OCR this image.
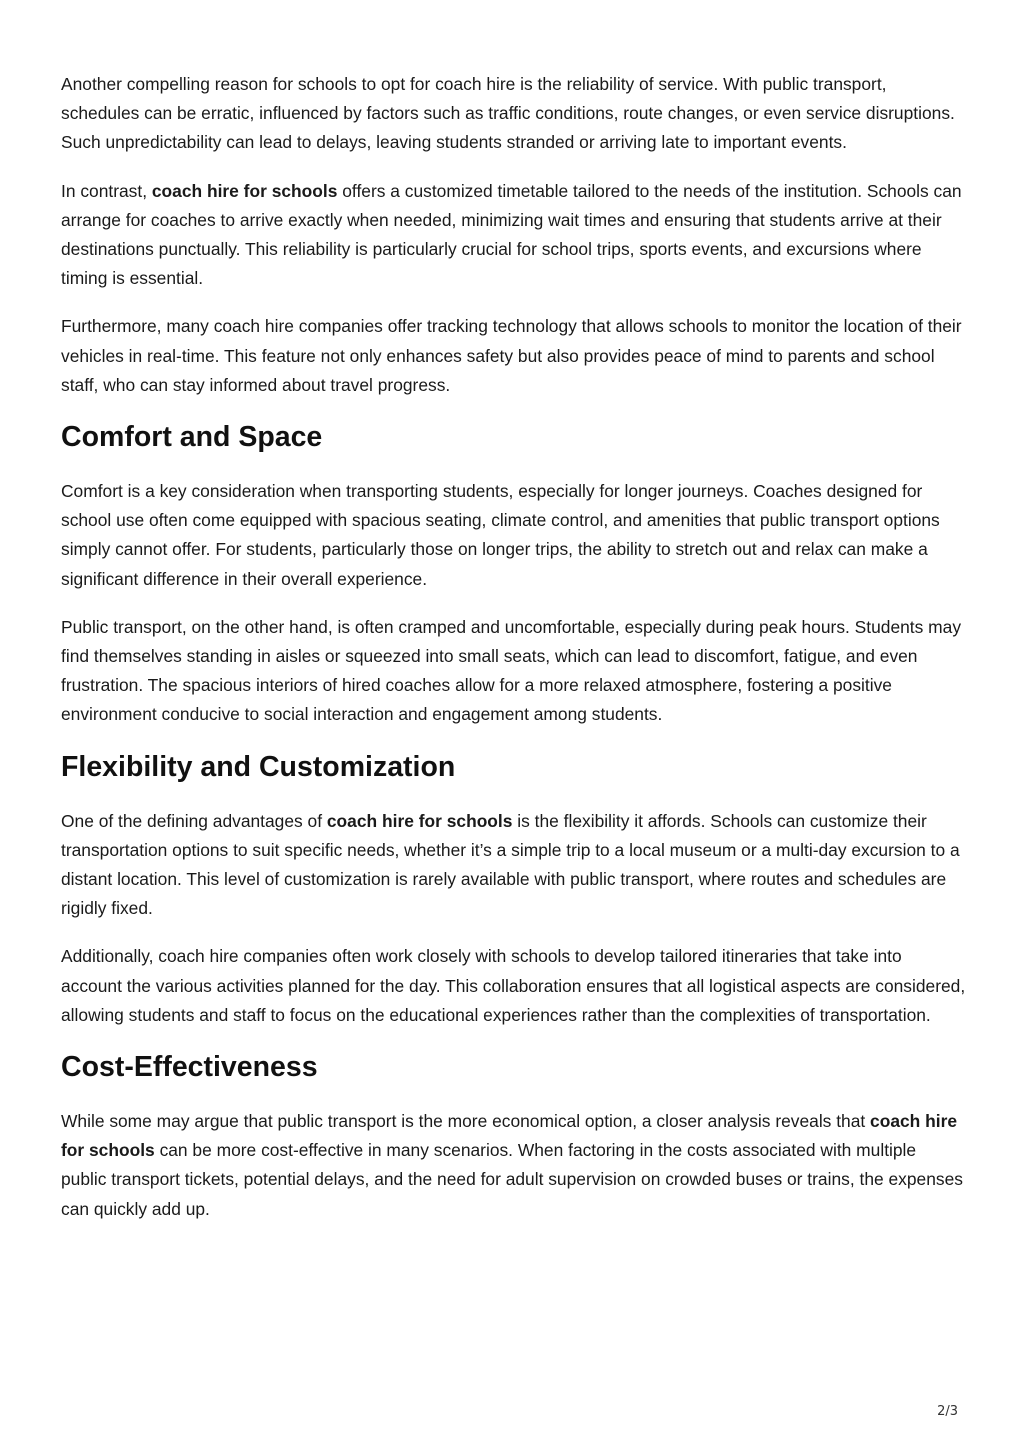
Another compelling reason for schools to opt for coach hire is the reliability of service. With public transport, schedules can be erratic, influenced by factors such as traffic conditions, route changes, or even service disruptions. Such unpredictability can lead to delays, leaving students stranded or arriving late to important events.

In contrast, coach hire for schools offers a customized timetable tailored to the needs of the institution. Schools can arrange for coaches to arrive exactly when needed, minimizing wait times and ensuring that students arrive at their destinations punctually. This reliability is particularly crucial for school trips, sports events, and excursions where timing is essential.

Furthermore, many coach hire companies offer tracking technology that allows schools to monitor the location of their vehicles in real-time. This feature not only enhances safety but also provides peace of mind to parents and school staff, who can stay informed about travel progress.

Comfort and Space

Comfort is a key consideration when transporting students, especially for longer journeys. Coaches designed for school use often come equipped with spacious seating, climate control, and amenities that public transport options simply cannot offer. For students, particularly those on longer trips, the ability to stretch out and relax can make a significant difference in their overall experience.

Public transport, on the other hand, is often cramped and uncomfortable, especially during peak hours. Students may find themselves standing in aisles or squeezed into small seats, which can lead to discomfort, fatigue, and even frustration. The spacious interiors of hired coaches allow for a more relaxed atmosphere, fostering a positive environment conducive to social interaction and engagement among students.

Flexibility and Customization

One of the defining advantages of coach hire for schools is the flexibility it affords. Schools can customize their transportation options to suit specific needs, whether it’s a simple trip to a local museum or a multi-day excursion to a distant location. This level of customization is rarely available with public transport, where routes and schedules are rigidly fixed.

Additionally, coach hire companies often work closely with schools to develop tailored itineraries that take into account the various activities planned for the day. This collaboration ensures that all logistical aspects are considered, allowing students and staff to focus on the educational experiences rather than the complexities of transportation.

Cost-Effectiveness

While some may argue that public transport is the more economical option, a closer analysis reveals that coach hire for schools can be more cost-effective in many scenarios. When factoring in the costs associated with multiple public transport tickets, potential delays, and the need for adult supervision on crowded buses or trains, the expenses can quickly add up.

2/3
